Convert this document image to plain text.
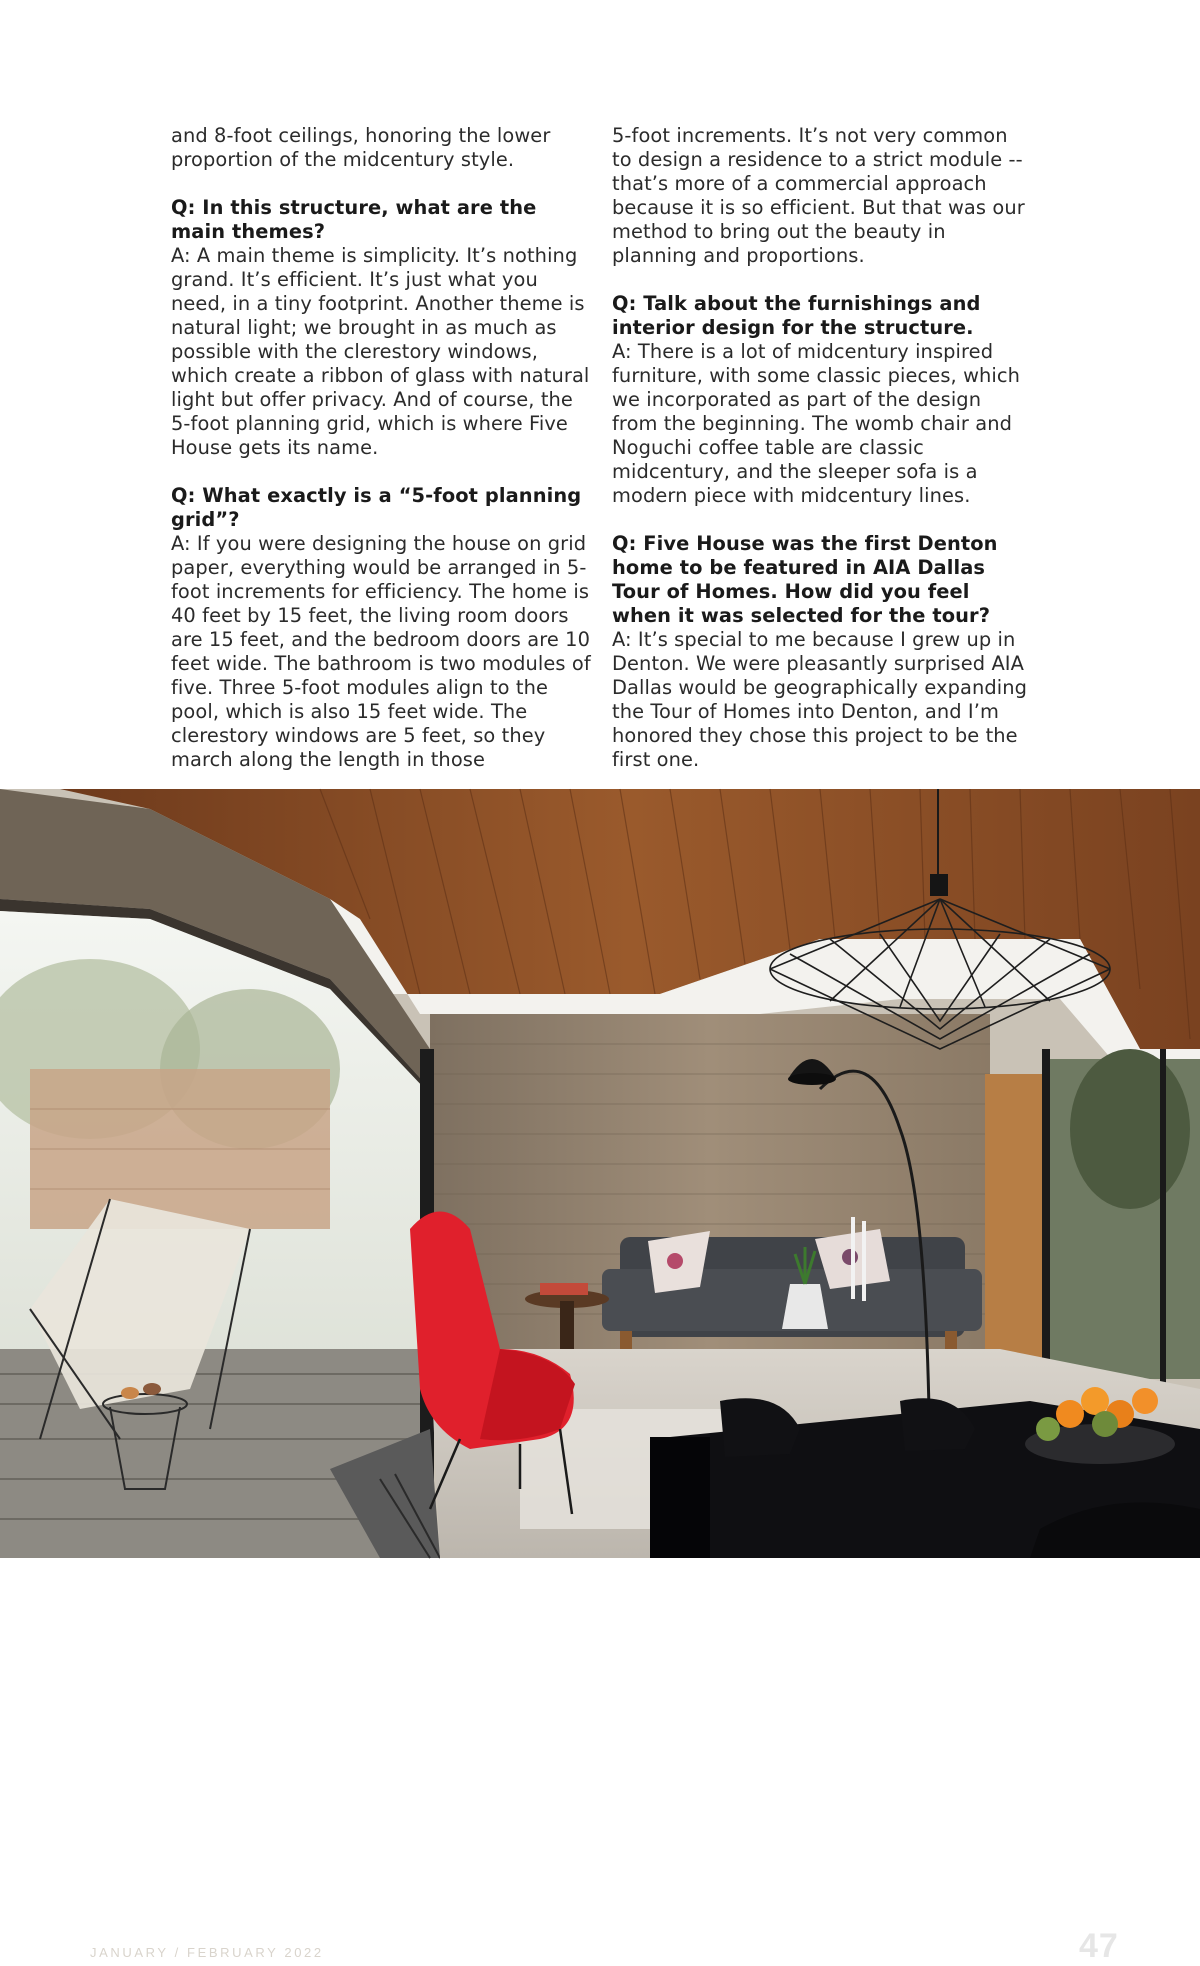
and 8-foot ceilings, honoring the lower proportion of the midcentury style.

Q: In this structure, what are the main themes?
A: A main theme is simplicity. It’s nothing grand. It’s efficient. It’s just what you need, in a tiny footprint. Another theme is natural light; we brought in as much as possible with the clerestory windows, which create a ribbon of glass with natural light but offer privacy. And of course, the 5-foot planning grid, which is where Five House gets its name.

Q: What exactly is a “5-foot planning grid”?
A: If you were designing the house on grid paper, everything would be arranged in 5-foot increments for efficiency. The home is 40 feet by 15 feet, the living room doors are 15 feet, and the bedroom doors are 10 feet wide. The bathroom is two modules of five. Three 5-foot modules align to the pool, which is also 15 feet wide. The clerestory windows are 5 feet, so they march along the length in those

5-foot increments. It’s not very common to design a residence to a strict module -- that’s more of a commercial approach because it is so efficient. But that was our method to bring out the beauty in planning and proportions.

Q: Talk about the furnishings and interior design for the structure.
A: There is a lot of midcentury inspired furniture, with some classic pieces, which we incorporated as part of the design from the beginning. The womb chair and Noguchi coffee table are classic midcentury, and the sleeper sofa is a modern piece with midcentury lines.

Q: Five House was the first Denton home to be featured in AIA Dallas Tour of Homes. How did you feel when it was selected for the tour?
A: It’s special to me because I grew up in Denton. We were pleasantly surprised AIA Dallas would be geographically expanding the Tour of Homes into Denton, and I’m honored they chose this project to be the first one.

JANUARY / FEBRUARY 2022	DENTON COUNTY DENTONCOUNTYMAGAZINE.COM
47
